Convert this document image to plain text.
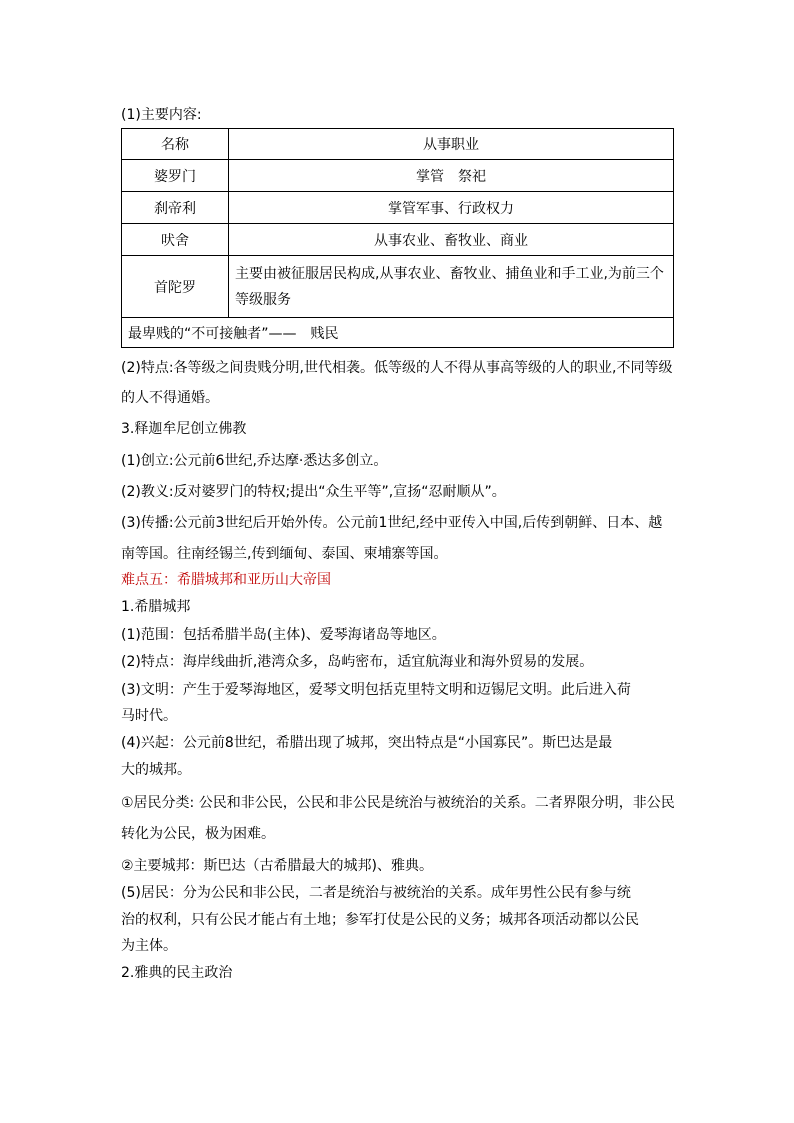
(1)主要内容:
名称	从事职业
婆罗门	掌管　祭祀
刹帝利	掌管军事、行政权力
吠舍	从事农业、畜牧业、商业
首陀罗	主要由被征服居民构成,从事农业、畜牧业、捕鱼业和手工业,为前三个
等级服务

最卑贱的“不可接触者”——　贱民	
(2)特点:各等级之间贵贱分明,世代相袭。低等级的人不得从事高等级的人的职业,不同等级
的人不得通婚。
3.释迦牟尼创立佛教
(1)创立:公元前6世纪,乔达摩·悉达多创立。
(2)教义:反对婆罗门的特权;提出“众生平等”,宣扬“忍耐顺从”。
(3)传播:公元前3世纪后开始外传。公元前1世纪,经中亚传入中国,后传到朝鲜、日本、越
南等国。往南经锡兰,传到缅甸、泰国、柬埔寨等国。
难点五：希腊城邦和亚历山大帝国
1.希腊城邦
(1)范围：包括希腊半岛(主体)、爱琴海诸岛等地区。
(2)特点：海岸线曲折,港湾众多，岛屿密布，适宜航海业和海外贸易的发展。
(3)文明：产生于爱琴海地区，爱琴文明包括克里特文明和迈锡尼文明。此后进入荷
马时代。
(4)兴起：公元前8世纪，希腊出现了城邦，突出特点是“小国寡民”。斯巴达是最
大的城邦。
①居民分类: 公民和非公民，公民和非公民是统治与被统治的关系。二者界限分明，非公民
转化为公民，极为困难。
②主要城邦：斯巴达（古希腊最大的城邦)、雅典。
(5)居民：分为公民和非公民，二者是统治与被统治的关系。成年男性公民有参与统
治的权利，只有公民才能占有土地；参军打仗是公民的义务；城邦各项活动都以公民
为主体。
2.雅典的民主政治
